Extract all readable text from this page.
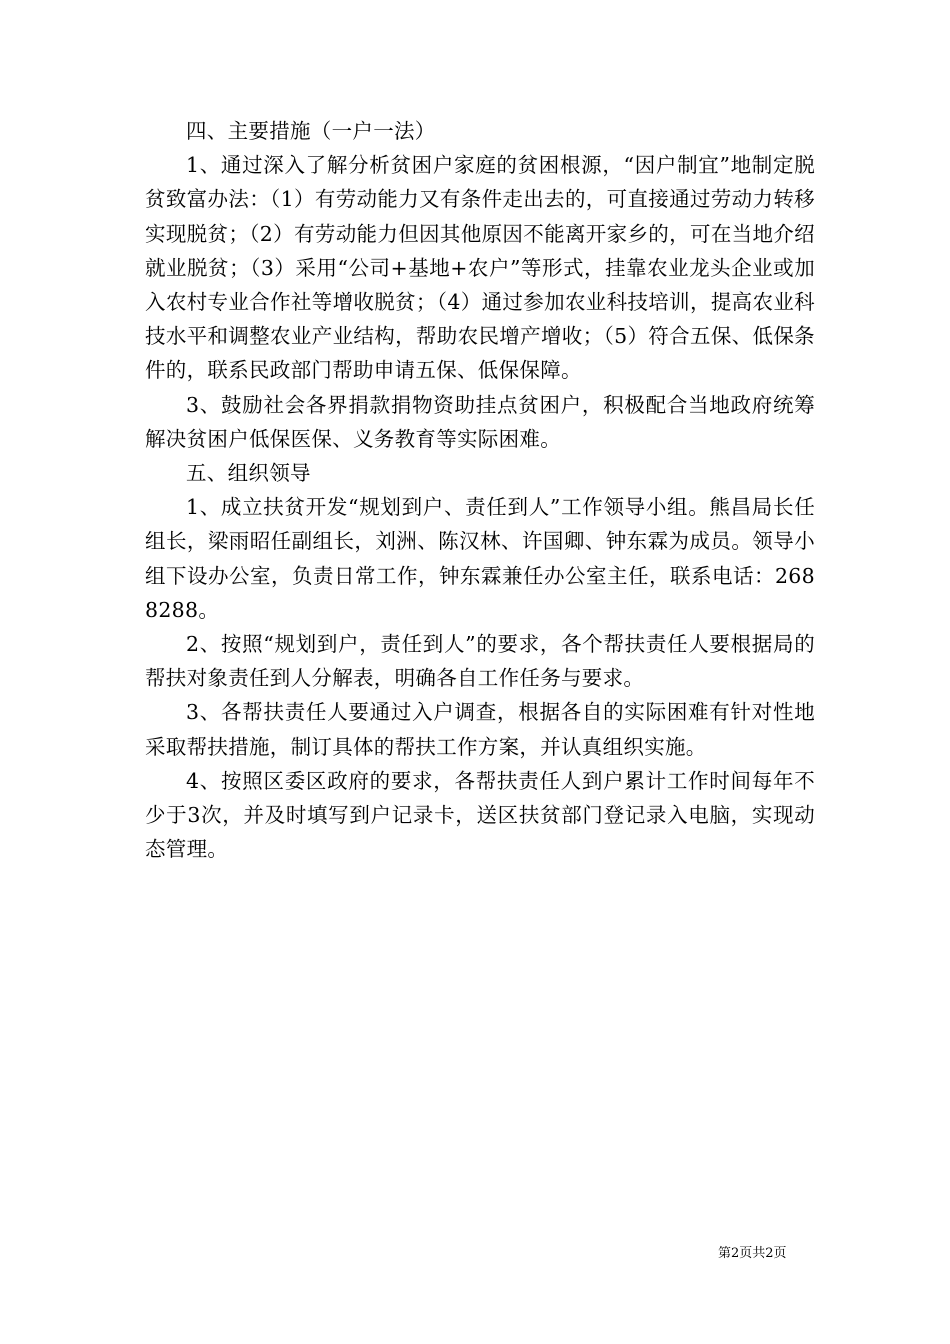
四、主要措施（一户一法）

1、通过深入了解分析贫困户家庭的贫困根源，“因户制宜”地制定脱贫致富办法：（1）有劳动能力又有条件走出去的，可直接通过劳动力转移实现脱贫；（2）有劳动能力但因其他原因不能离开家乡的，可在当地介绍就业脱贫；（3）采用“公司+基地+农户”等形式，挂靠农业龙头企业或加入农村专业合作社等增收脱贫；（4）通过参加农业科技培训，提高农业科技水平和调整农业产业结构，帮助农民增产增收；（5）符合五保、低保条件的，联系民政部门帮助申请五保、低保保障。

3、鼓励社会各界捐款捐物资助挂点贫困户，积极配合当地政府统筹解决贫困户低保医保、义务教育等实际困难。

五、组织领导

1、成立扶贫开发“规划到户、责任到人”工作领导小组。熊昌局长任组长，梁雨昭任副组长，刘洲、陈汉林、许国卿、钟东霖为成员。领导小组下设办公室，负责日常工作，钟东霖兼任办公室主任，联系电话：2688288。

2、按照“规划到户，责任到人”的要求，各个帮扶责任人要根据局的帮扶对象责任到人分解表，明确各自工作任务与要求。

3、各帮扶责任人要通过入户调查，根据各自的实际困难有针对性地采取帮扶措施，制订具体的帮扶工作方案，并认真组织实施。

4、按照区委区政府的要求，各帮扶责任人到户累计工作时间每年不少于3次，并及时填写到户记录卡，送区扶贫部门登记录入电脑，实现动态管理。

第2页共2页
